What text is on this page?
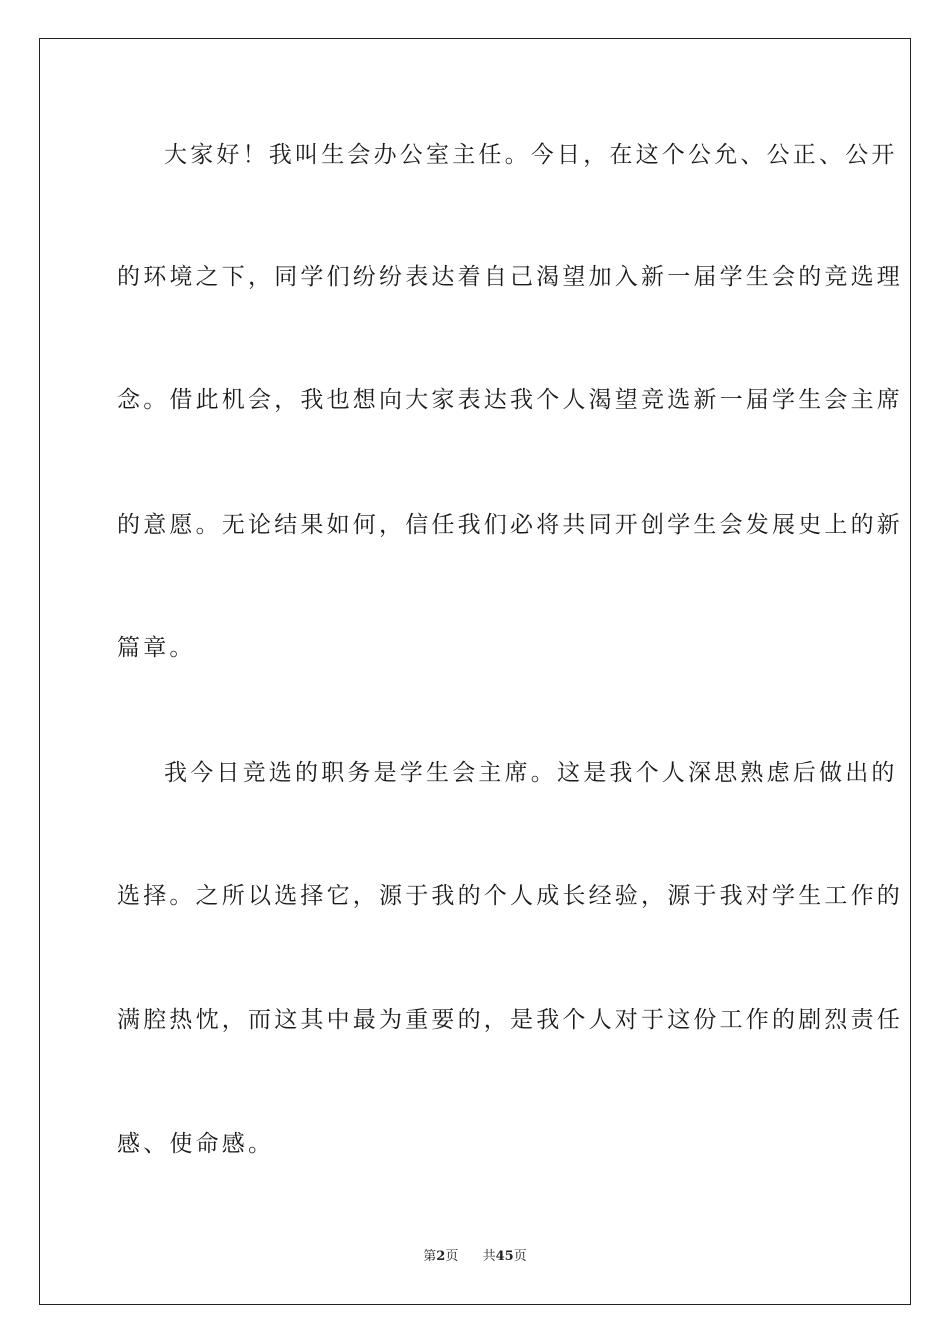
大家好！我叫生会办公室主任。今日，在这个公允、公正、公开
的环境之下，同学们纷纷表达着自己渴望加入新一届学生会的竞选理
念。借此机会，我也想向大家表达我个人渴望竞选新一届学生会主席
的意愿。无论结果如何，信任我们必将共同开创学生会发展史上的新
篇章。
我今日竞选的职务是学生会主席。这是我个人深思熟虑后做出的
选择。之所以选择它，源于我的个人成长经验，源于我对学生工作的
满腔热忱，而这其中最为重要的，是我个人对于这份工作的剧烈责任
感、使命感。
第2页 共45页
